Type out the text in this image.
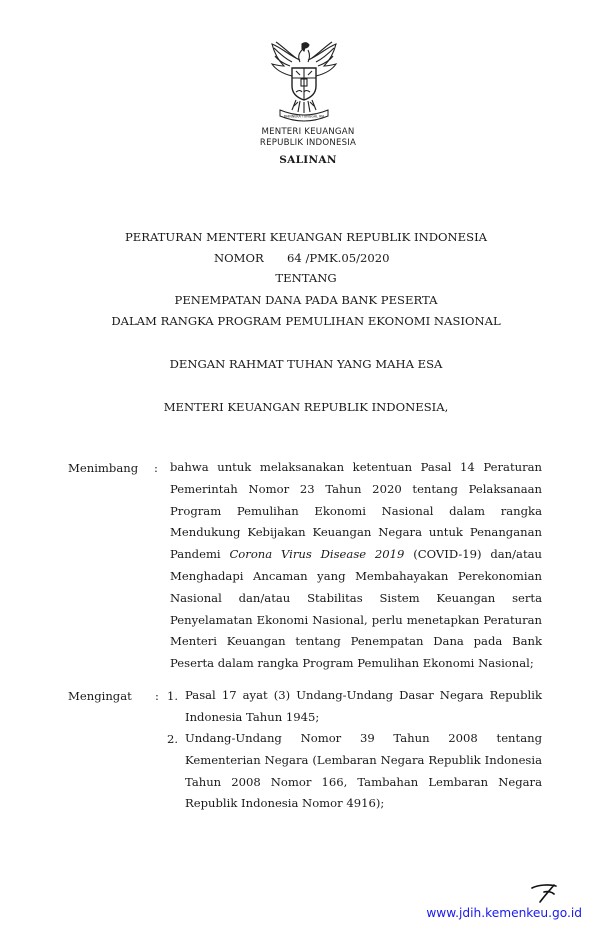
BHINNEKA TUNGGAL IKA
MENTERI KEUANGAN
REPUBLIK INDONESIA
SALINAN
PERATURAN MENTERI KEUANGAN REPUBLIK INDONESIA
NOMOR 64 /PMK.05/2020
TENTANG
PENEMPATAN DANA PADA BANK PESERTA
DALAM RANGKA PROGRAM PEMULIHAN EKONOMI NASIONAL
DENGAN RAHMAT TUHAN YANG MAHA ESA
MENTERI KEUANGAN REPUBLIK INDONESIA,
Menimbang : bahwa untuk melaksanakan ketentuan Pasal 14 Peraturan
Pemerintah Nomor 23 Tahun 2020 tentang Pelaksanaan
Program Pemulihan Ekonomi Nasional dalam rangka
Mendukung Kebijakan Keuangan Negara untuk Penanganan
Pandemi Corona Virus Disease 2019 (COVID-19) dan/atau
Menghadapi Ancaman yang Membahayakan Perekonomian
Nasional dan/atau Stabilitas Sistem Keuangan serta
Penyelamatan Ekonomi Nasional, perlu menetapkan Peraturan
Menteri Keuangan tentang Penempatan Dana pada Bank
Peserta dalam rangka Program Pemulihan Ekonomi Nasional;
Mengingat : 1. Pasal 17 ayat (3) Undang-Undang Dasar Negara Republik
Indonesia Tahun 1945;
2. Undang-Undang Nomor 39 Tahun 2008 tentang
Kementerian Negara (Lembaran Negara Republik Indonesia
Tahun 2008 Nomor 166, Tambahan Lembaran Negara
Republik Indonesia Nomor 4916);
www.jdih.kemenkeu.go.id
